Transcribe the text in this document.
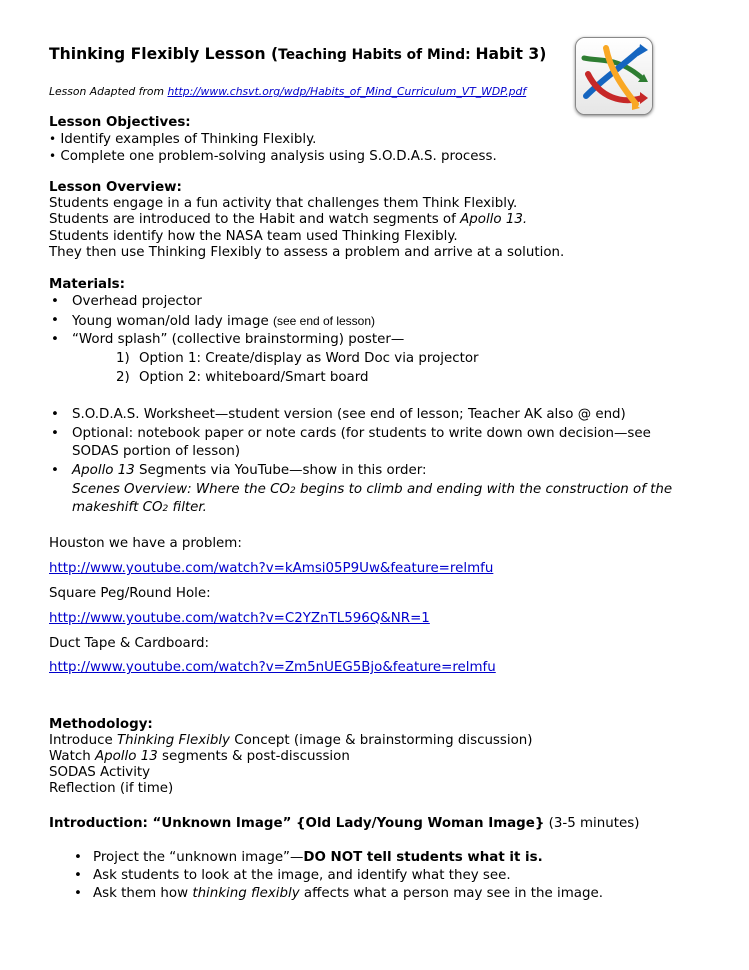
Thinking Flexibly Lesson (Teaching Habits of Mind: Habit 3)
Lesson Adapted from http://www.chsvt.org/wdp/Habits_of_Mind_Curriculum_VT_WDP.pdf
Lesson Objectives:
• Identify examples of Thinking Flexibly.
• Complete one problem-solving analysis using S.O.D.A.S. process.
Lesson Overview:
Students engage in a fun activity that challenges them Think Flexibly.
Students are introduced to the Habit and watch segments of Apollo 13.
Students identify how the NASA team used Thinking Flexibly.
They then use Thinking Flexibly to assess a problem and arrive at a solution.
Materials:
• Overhead projector
• Young woman/old lady image (see end of lesson)
• “Word splash” (collective brainstorming) poster—
1) Option 1: Create/display as Word Doc via projector
2) Option 2: whiteboard/Smart board
• S.O.D.A.S. Worksheet—student version (see end of lesson; Teacher AK also @ end)
• Optional: notebook paper or note cards (for students to write down own decision—see
SODAS portion of lesson)
• Apollo 13 Segments via YouTube—show in this order:
Scenes Overview: Where the CO2 begins to climb and ending with the construction of the
makeshift CO2 filter.
Houston we have a problem:
http://www.youtube.com/watch?v=kAmsi05P9Uw&feature=relmfu
Square Peg/Round Hole:
http://www.youtube.com/watch?v=C2YZnTL596Q&NR=1
Duct Tape & Cardboard:
http://www.youtube.com/watch?v=Zm5nUEG5Bjo&feature=relmfu
Methodology:
Introduce Thinking Flexibly Concept (image & brainstorming discussion)
Watch Apollo 13 segments & post-discussion
SODAS Activity
Reflection (if time)
Introduction: “Unknown Image” {Old Lady/Young Woman Image} (3-5 minutes)
• Project the “unknown image”—DO NOT tell students what it is.
• Ask students to look at the image, and identify what they see.
• Ask them how thinking flexibly affects what a person may see in the image.
